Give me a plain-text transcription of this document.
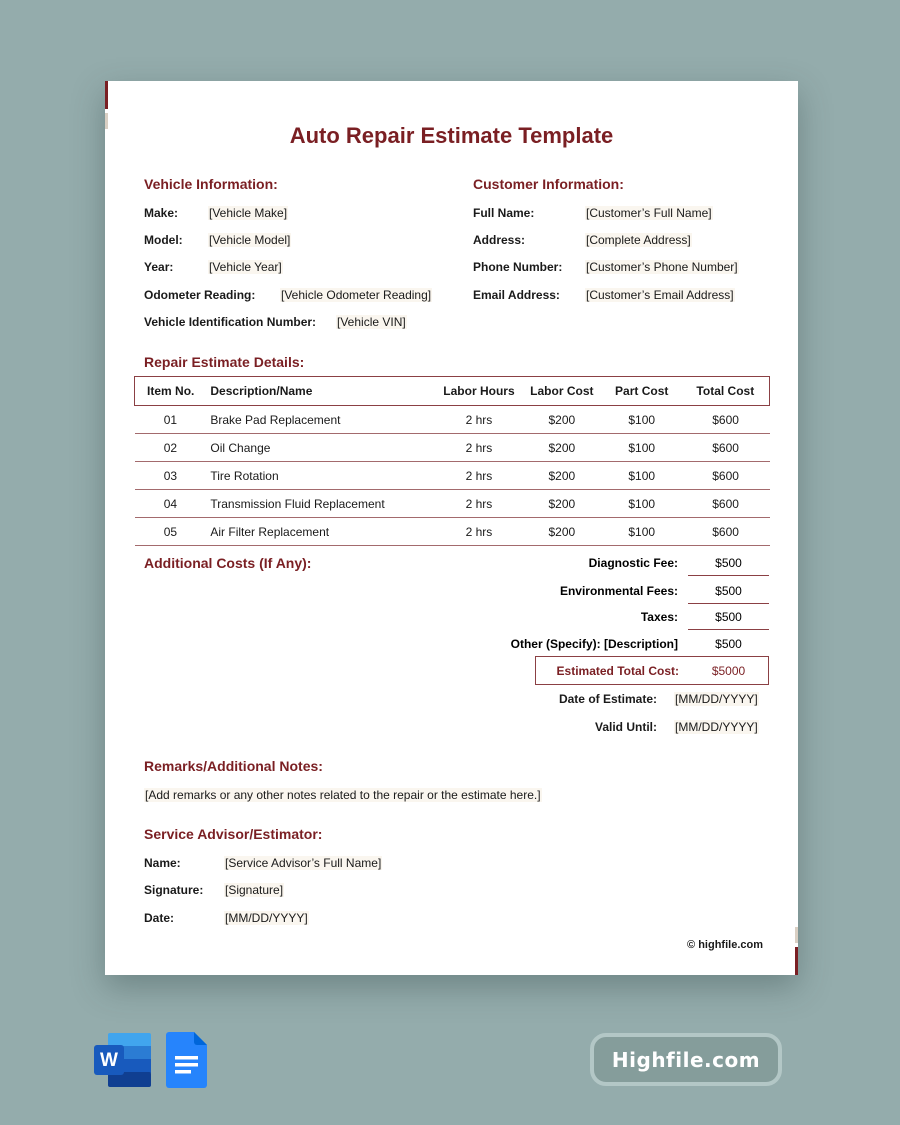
Auto Repair Estimate Template
Vehicle Information:
Make:	[Vehicle Make]
Model: [Vehicle Model]
Year:	[Vehicle Year]
Odometer Reading: [Vehicle Odometer Reading]
Vehicle Identification Number: [Vehicle VIN]
Customer Information:
Full Name:	[Customer’s Full Name]
Address:	[Complete Address]
Phone Number: [Customer’s Phone Number]
Email Address: [Customer’s Email Address]
Repair Estimate Details:
Item No.	Description/Name	Labor Hours	Labor Cost	Part Cost	Total Cost
01	Brake Pad Replacement	2 hrs	$200	$100	$600
02	Oil Change	2 hrs	$200	$100	$600
03	Tire Rotation	2 hrs	$200	$100	$600
04	Transmission Fluid Replacement	2 hrs	$200	$100	$600
05	Air Filter Replacement	2 hrs	$200	$100	$600
Additional Costs (If Any):	Diagnostic Fee:	$500
Environmental Fees:	$500
Taxes:	$500
Other (Specify): [Description]	$500
Estimated Total Cost:	$5000
Date of Estimate: [MM/DD/YYYY]
Valid Until: [MM/DD/YYYY]
Remarks/Additional Notes:
[Add remarks or any other notes related to the repair or the estimate here.]
Service Advisor/Estimator:
Name:	[Service Advisor’s Full Name]
Signature: [Signature]
Date:	[MM/DD/YYYY]
© highfile.com
W	Highfile.com
